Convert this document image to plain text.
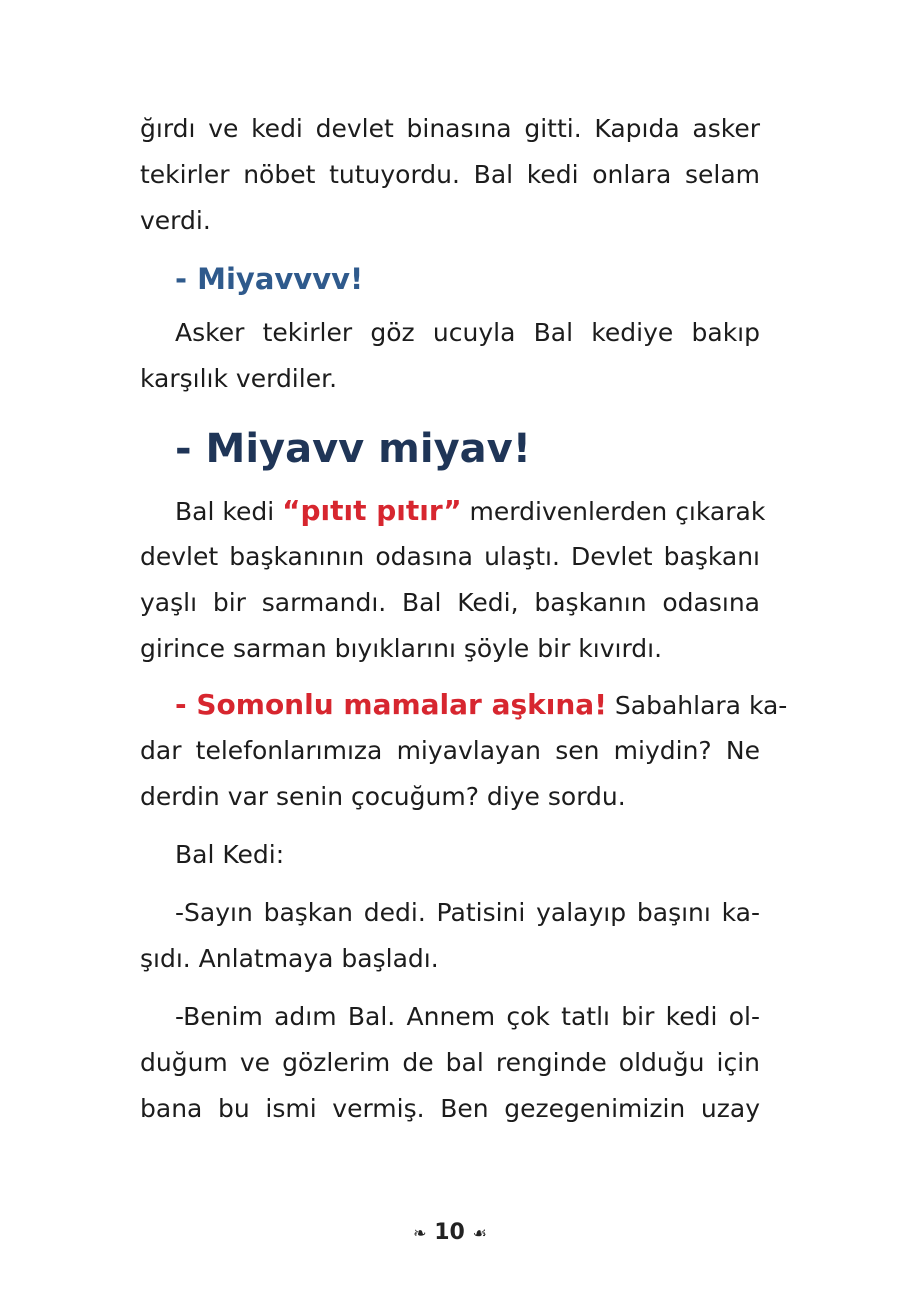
ğırdı ve kedi devlet binasına gitti. Kapıda asker
tekirler nöbet tutuyordu. Bal kedi onlara selam
verdi.
- Miyavvvv!
Asker tekirler göz ucuyla Bal kediye bakıp
karşılık verdiler.
- Miyavv miyav!
Bal kedi “pıtıt pıtır” merdivenlerden çıkarak
devlet başkanının odasına ulaştı. Devlet başkanı
yaşlı bir sarmandı. Bal Kedi, başkanın odasına
girince sarman bıyıklarını şöyle bir kıvırdı.
- Somonlu mamalar aşkına! Sabahlara ka-
dar telefonlarımıza miyavlayan sen miydin? Ne
derdin var senin çocuğum? diye sordu.
Bal Kedi:
-Sayın başkan dedi. Patisini yalayıp başını ka-
şıdı. Anlatmaya başladı.
-Benim adım Bal. Annem çok tatlı bir kedi ol-
duğum ve gözlerim de bal renginde olduğu için
bana bu ismi vermiş. Ben gezegenimizin uzay
❧ 10 ☙
